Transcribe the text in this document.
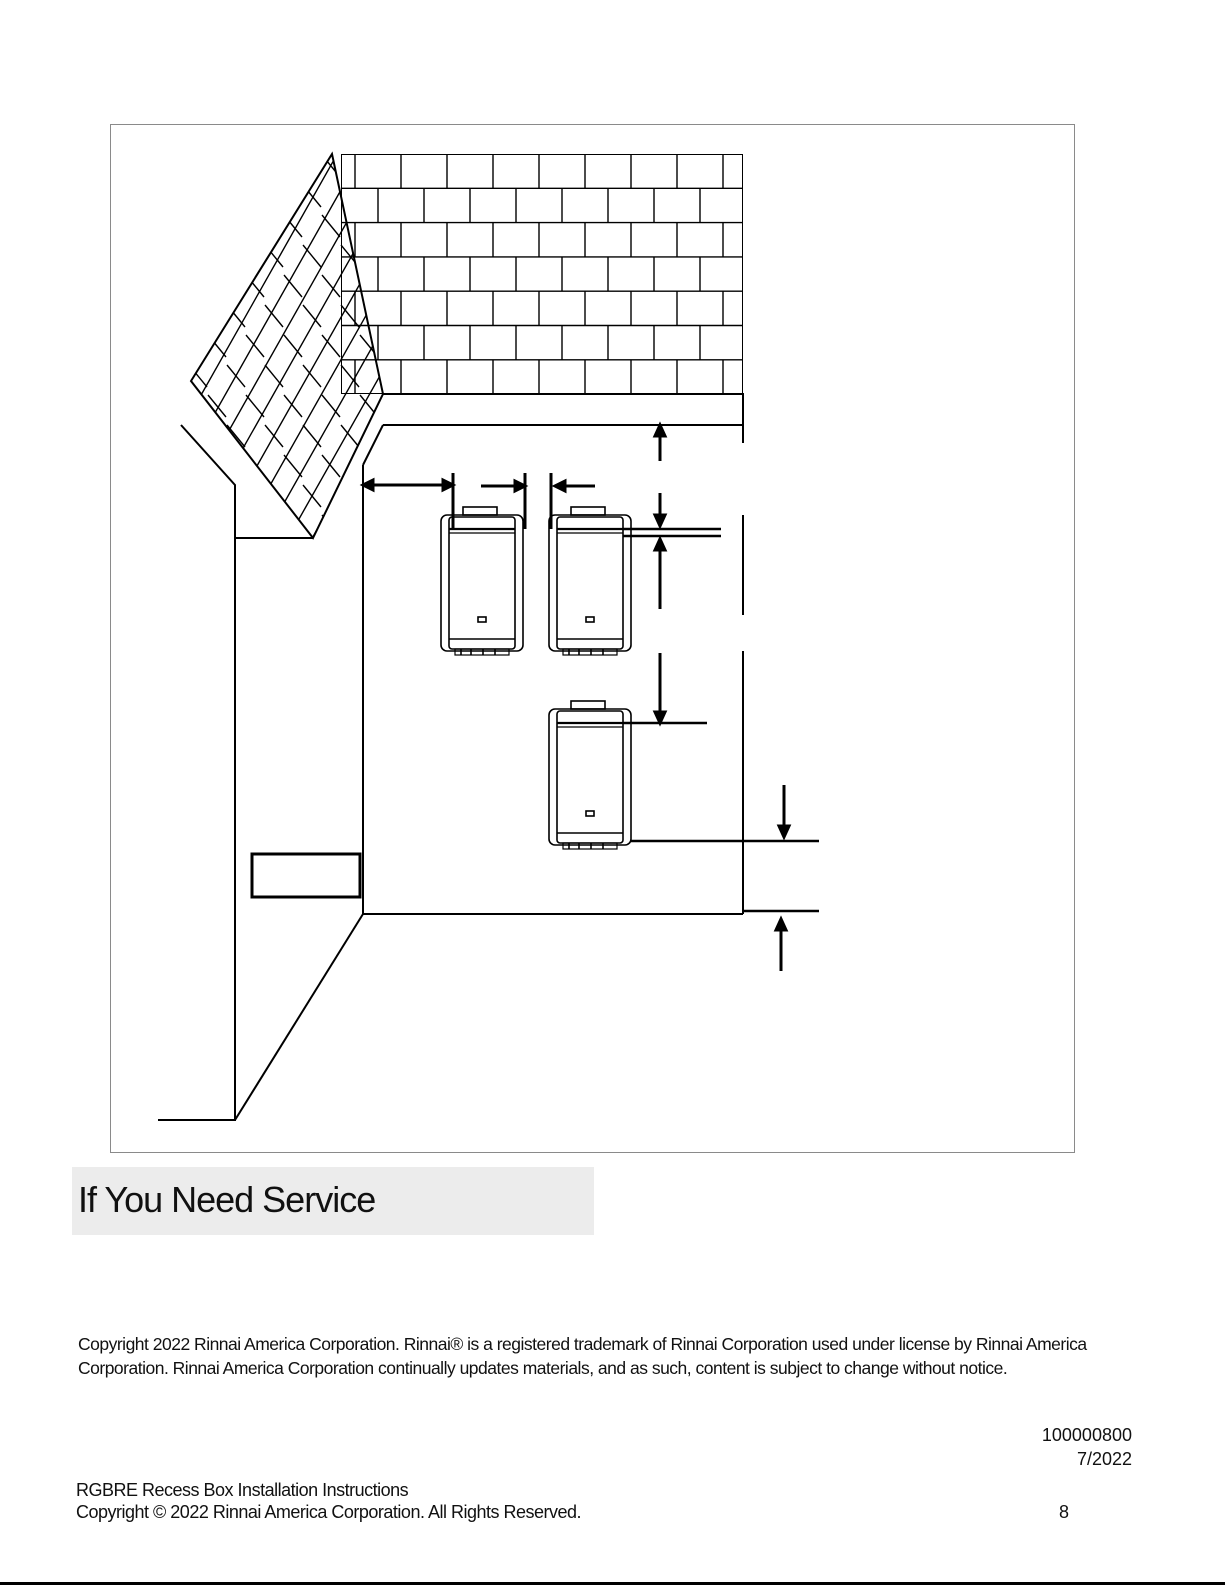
If You Need Service
Copyright 2022 Rinnai America Corporation. Rinnai® is a registered trademark of Rinnai Corporation used under license by Rinnai America Corporation. Rinnai America Corporation continually updates materials, and as such, content is subject to change without notice.
100000800
7/2022
RGBRE Recess Box Installation Instructions
Copyright © 2022 Rinnai America Corporation. All Rights Reserved.	8
